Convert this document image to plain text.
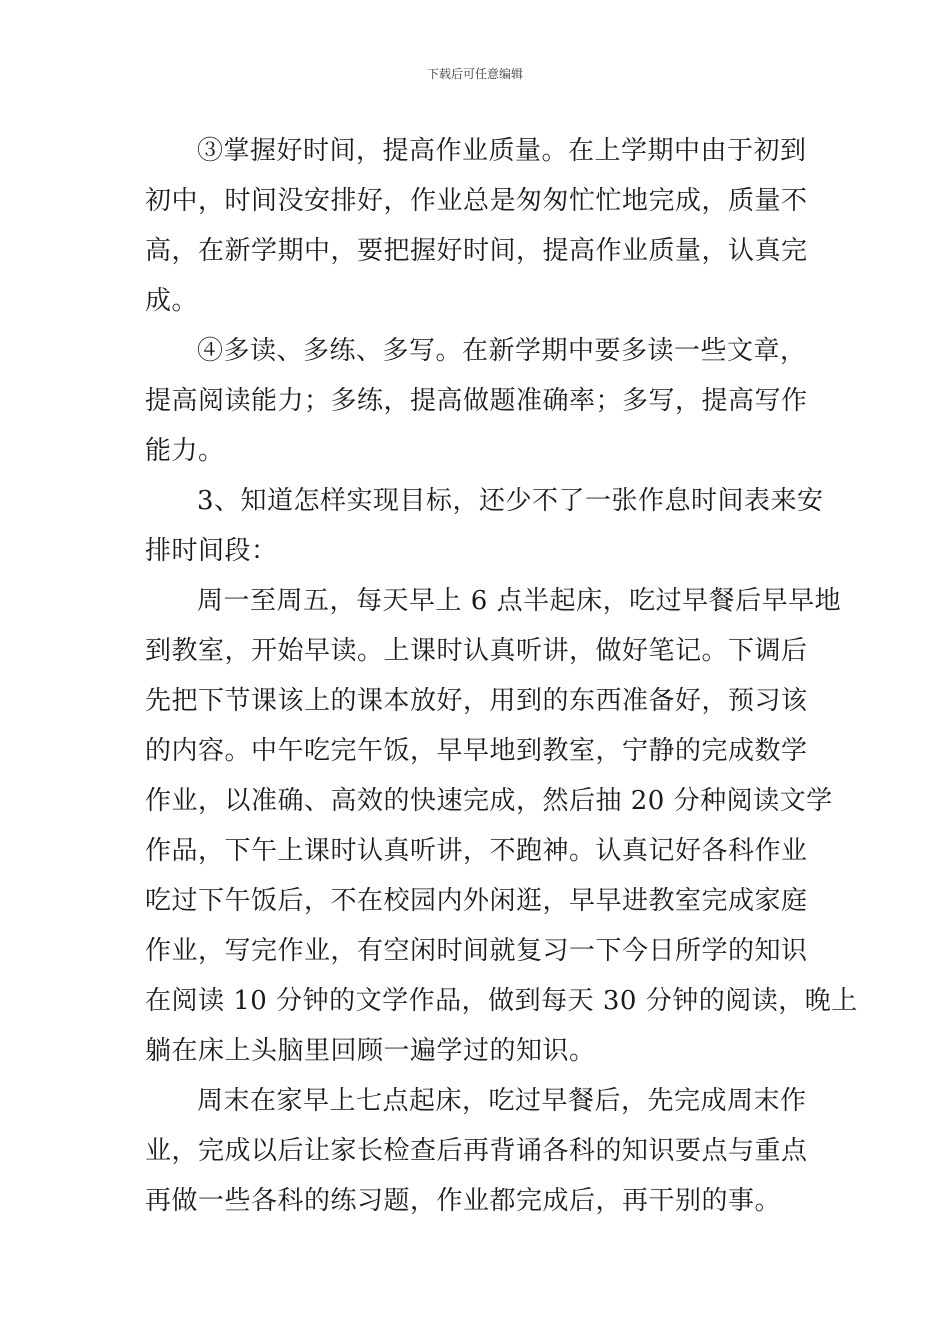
下载后可任意编辑

③掌握好时间，提高作业质量。在上学期中由于初到
初中，时间没安排好，作业总是匆匆忙忙地完成，质量不
高，在新学期中，要把握好时间，提高作业质量，认真完
成。

④多读、多练、多写。在新学期中要多读一些文章，
提高阅读能力；多练，提高做题准确率；多写，提高写作
能力。

3、知道怎样实现目标，还少不了一张作息时间表来安
排时间段：

周一至周五，每天早上 6 点半起床，吃过早餐后早早地
到教室，开始早读。上课时认真听讲，做好笔记。下调后
先把下节课该上的课本放好，用到的东西准备好，预习该
的内容。中午吃完午饭，早早地到教室，宁静的完成数学
作业，以准确、高效的快速完成，然后抽 20 分种阅读文学
作品，下午上课时认真听讲，不跑神。认真记好各科作业
吃过下午饭后，不在校园内外闲逛，早早进教室完成家庭
作业，写完作业，有空闲时间就复习一下今日所学的知识
在阅读 10 分钟的文学作品，做到每天 30 分钟的阅读，晚上
躺在床上头脑里回顾一遍学过的知识。

周末在家早上七点起床，吃过早餐后，先完成周末作
业，完成以后让家长检查后再背诵各科的知识要点与重点
再做一些各科的练习题，作业都完成后，再干别的事。
